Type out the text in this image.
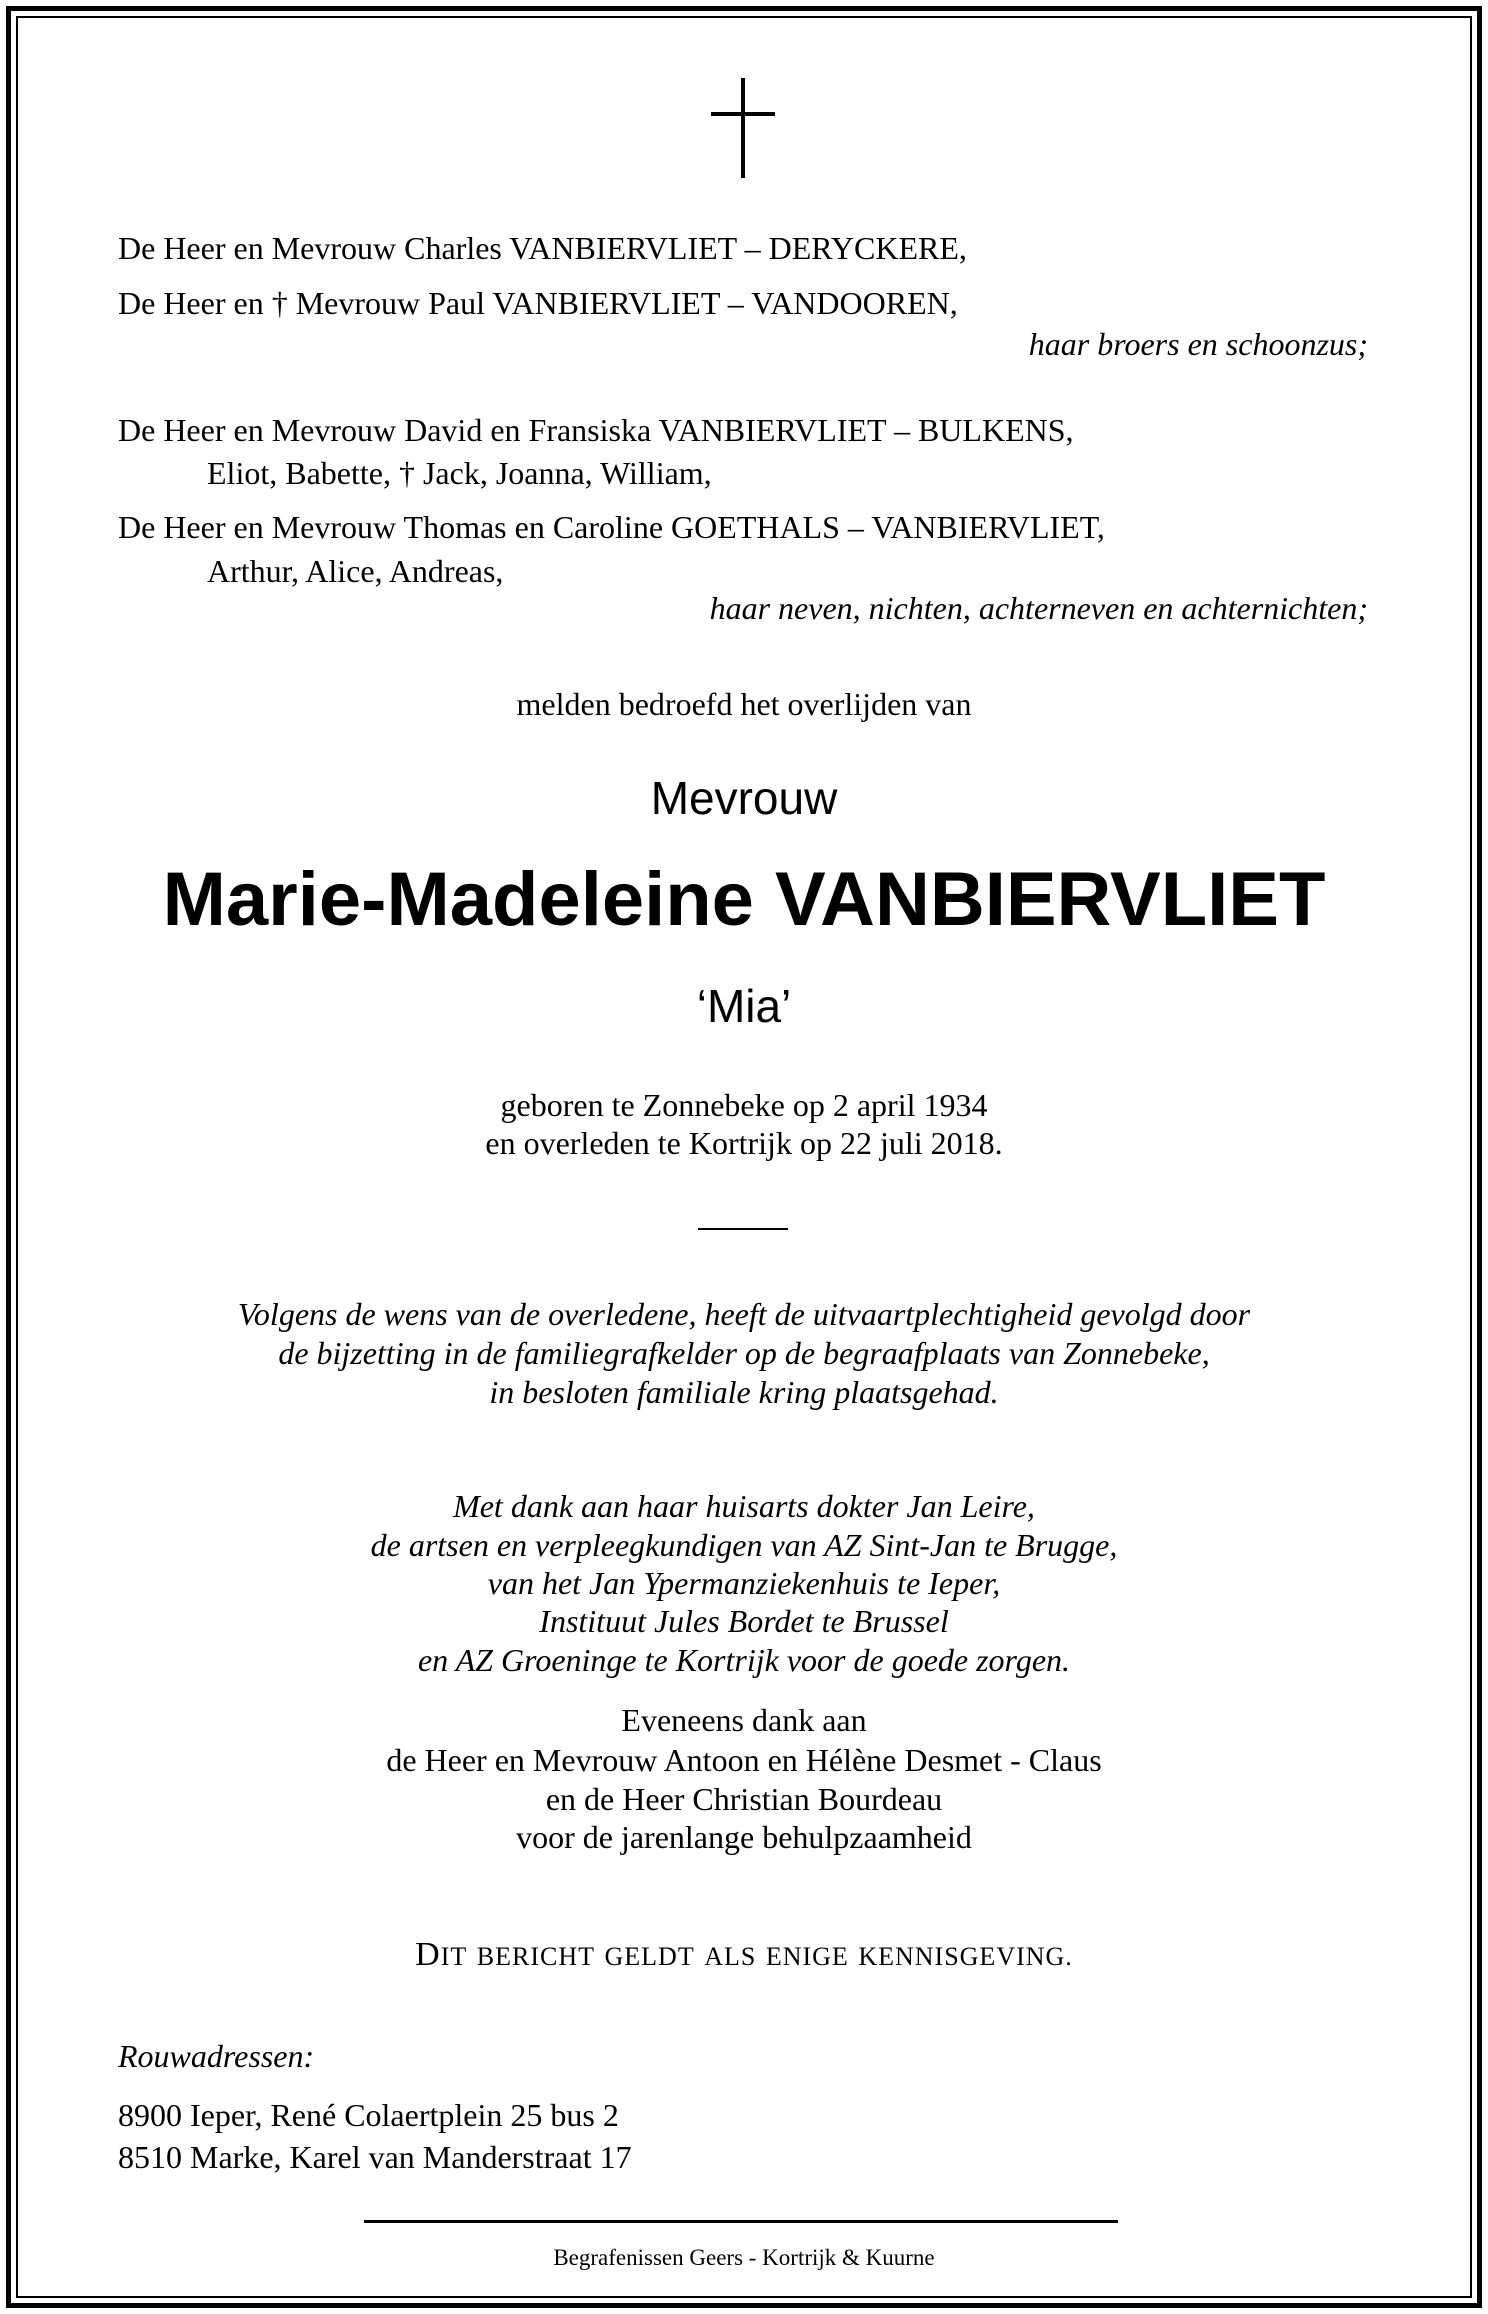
De Heer en Mevrouw Charles VANBIERVLIET – DERYCKERE,
De Heer en † Mevrouw Paul VANBIERVLIET – VANDOOREN,
haar broers en schoonzus;
De Heer en Mevrouw David en Fransiska VANBIERVLIET – BULKENS,
Eliot, Babette, † Jack, Joanna, William,
De Heer en Mevrouw Thomas en Caroline GOETHALS – VANBIERVLIET,
Arthur, Alice, Andreas,
haar neven, nichten, achterneven en achternichten;
melden bedroefd het overlijden van
Mevrouw
Marie-Madeleine VANBIERVLIET
‘Mia’
geboren te Zonnebeke op 2 april 1934
en overleden te Kortrijk op 22 juli 2018.
Volgens de wens van de overledene, heeft de uitvaartplechtigheid gevolgd door
de bijzetting in de familiegrafkelder op de begraafplaats van Zonnebeke,
in besloten familiale kring plaatsgehad.
Met dank aan haar huisarts dokter Jan Leire,
de artsen en verpleegkundigen van AZ Sint-Jan te Brugge,
van het Jan Ypermanziekenhuis te Ieper,
Instituut Jules Bordet te Brussel
en AZ Groeninge te Kortrijk voor de goede zorgen.
Eveneens dank aan
de Heer en Mevrouw Antoon en Hélène Desmet - Claus
en de Heer Christian Bourdeau
voor de jarenlange behulpzaamheid
DIT BERICHT GELDT ALS ENIGE KENNISGEVING.
Rouwadressen:
8900 Ieper, René Colaertplein 25 bus 2
8510 Marke, Karel van Manderstraat 17
Begrafenissen Geers - Kortrijk & Kuurne
